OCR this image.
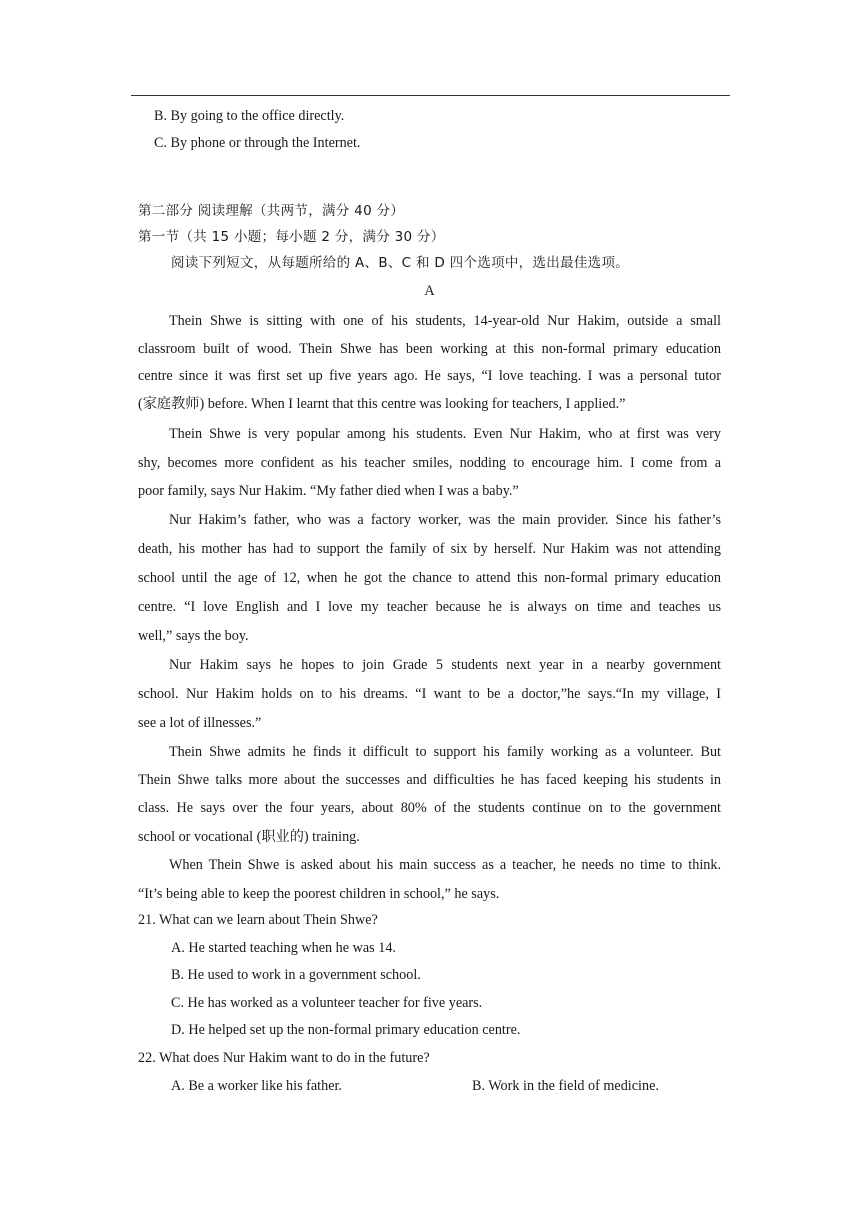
B. By going to the office directly.
C. By phone or through the Internet.
第二部分 阅读理解（共两节，满分 40 分）
第一节（共 15 小题；每小题 2 分，满分 30 分）
阅读下列短文，从每题所给的 A、B、C 和 D 四个选项中，选出最佳选项。
A
Thein Shwe is sitting with one of his students, 14-year-old Nur Hakim, outside a small
classroom built of wood. Thein Shwe has been working at this non-formal primary education
centre since it was first set up five years ago. He says, “I love teaching. I was a personal tutor
(家庭教师) before. When I learnt that this centre was looking for teachers, I applied.”
Thein Shwe is very popular among his students. Even Nur Hakim, who at first was very
shy, becomes more confident as his teacher smiles, nodding to encourage him. I come from a
poor family, says Nur Hakim. “My father died when I was a baby.”
Nur Hakim’s father, who was a factory worker, was the main provider. Since his father’s
death, his mother has had to support the family of six by herself. Nur Hakim was not attending
school until the age of 12, when he got the chance to attend this non-formal primary education
centre. “I love English and I love my teacher because he is always on time and teaches us
well,” says the boy.
Nur Hakim says he hopes to join Grade 5 students next year in a nearby government
school. Nur Hakim holds on to his dreams. “I want to be a doctor,”he says.“In my village, I
see a lot of illnesses.”
Thein Shwe admits he finds it difficult to support his family working as a volunteer. But
Thein Shwe talks more about the successes and difficulties he has faced keeping his students in
class. He says over the four years, about 80% of the students continue on to the government
school or vocational (职业的) training.
When Thein Shwe is asked about his main success as a teacher, he needs no time to think.
“It’s being able to keep the poorest children in school,” he says.
21. What can we learn about Thein Shwe?
A. He started teaching when he was 14.
B. He used to work in a government school.
C. He has worked as a volunteer teacher for five years.
D. He helped set up the non-formal primary education centre.
22. What does Nur Hakim want to do in the future?
A. Be a worker like his father.	B. Work in the field of medicine.
